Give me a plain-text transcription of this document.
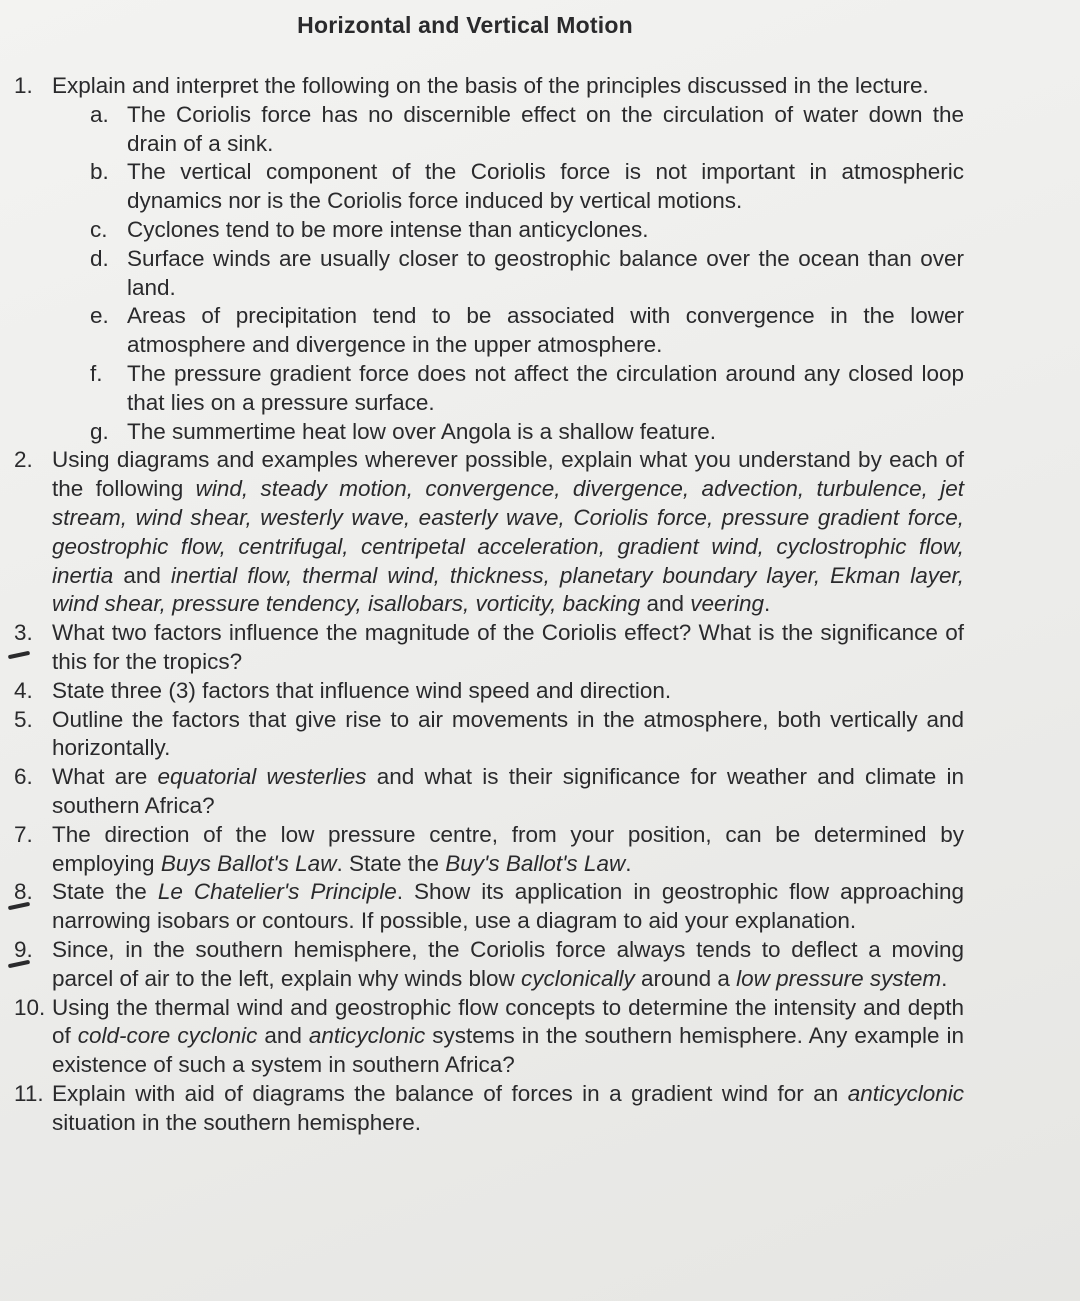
Horizontal and Vertical Motion
1. Explain and interpret the following on the basis of the principles discussed in the lecture.
a. The Coriolis force has no discernible effect on the circulation of water down the drain of a sink.
b. The vertical component of the Coriolis force is not important in atmospheric dynamics nor is the Coriolis force induced by vertical motions.
c. Cyclones tend to be more intense than anticyclones.
d. Surface winds are usually closer to geostrophic balance over the ocean than over land.
e. Areas of precipitation tend to be associated with convergence in the lower atmosphere and divergence in the upper atmosphere.
f. The pressure gradient force does not affect the circulation around any closed loop that lies on a pressure surface.
g. The summertime heat low over Angola is a shallow feature.
2. Using diagrams and examples wherever possible, explain what you understand by each of the following wind, steady motion, convergence, divergence, advection, turbulence, jet stream, wind shear, westerly wave, easterly wave, Coriolis force, pressure gradient force, geostrophic flow, centrifugal, centripetal acceleration, gradient wind, cyclostrophic flow, inertia and inertial flow, thermal wind, thickness, planetary boundary layer, Ekman layer, wind shear, pressure tendency, isallobars, vorticity, backing and veering.
3. What two factors influence the magnitude of the Coriolis effect? What is the significance of this for the tropics?
4. State three (3) factors that influence wind speed and direction.
5. Outline the factors that give rise to air movements in the atmosphere, both vertically and horizontally.
6. What are equatorial westerlies and what is their significance for weather and climate in southern Africa?
7. The direction of the low pressure centre, from your position, can be determined by employing Buys Ballot's Law. State the Buy's Ballot's Law.
8. State the Le Chatelier's Principle. Show its application in geostrophic flow approaching narrowing isobars or contours. If possible, use a diagram to aid your explanation.
9. Since, in the southern hemisphere, the Coriolis force always tends to deflect a moving parcel of air to the left, explain why winds blow cyclonically around a low pressure system.
10. Using the thermal wind and geostrophic flow concepts to determine the intensity and depth of cold-core cyclonic and anticyclonic systems in the southern hemisphere. Any example in existence of such a system in southern Africa?
11. Explain with aid of diagrams the balance of forces in a gradient wind for an anticyclonic situation in the southern hemisphere.
